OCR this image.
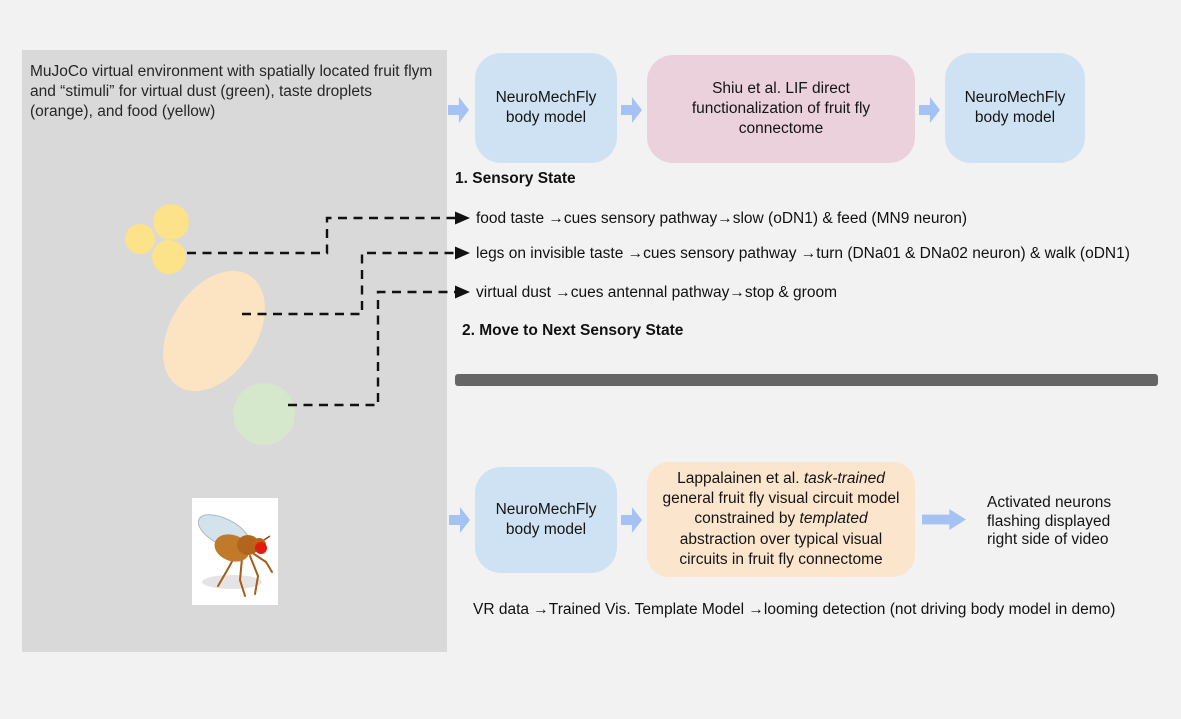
MuJoCo virtual environment with spatially located fruit flym and “stimuli” for virtual dust (green), taste droplets (orange), and food (yellow)
NeuroMechFly body model
Shiu et al. LIF direct functionalization of fruit fly connectome
NeuroMechFly body model
1. Sensory State
food taste →cues sensory pathway→slow (oDN1) & feed (MN9 neuron)
legs on invisible taste →cues sensory pathway →turn (DNa01 & DNa02 neuron) & walk (oDN1)
virtual dust →cues antennal pathway→stop & groom
2. Move to Next Sensory State
NeuroMechFly body model
Lappalainen et al. task-trained general fruit fly visual circuit model constrained by templated abstraction over typical visual circuits in fruit fly connectome
Activated neurons
flashing displayed
right side of video
VR data →Trained Vis. Template Model →looming detection (not driving body model in demo)
